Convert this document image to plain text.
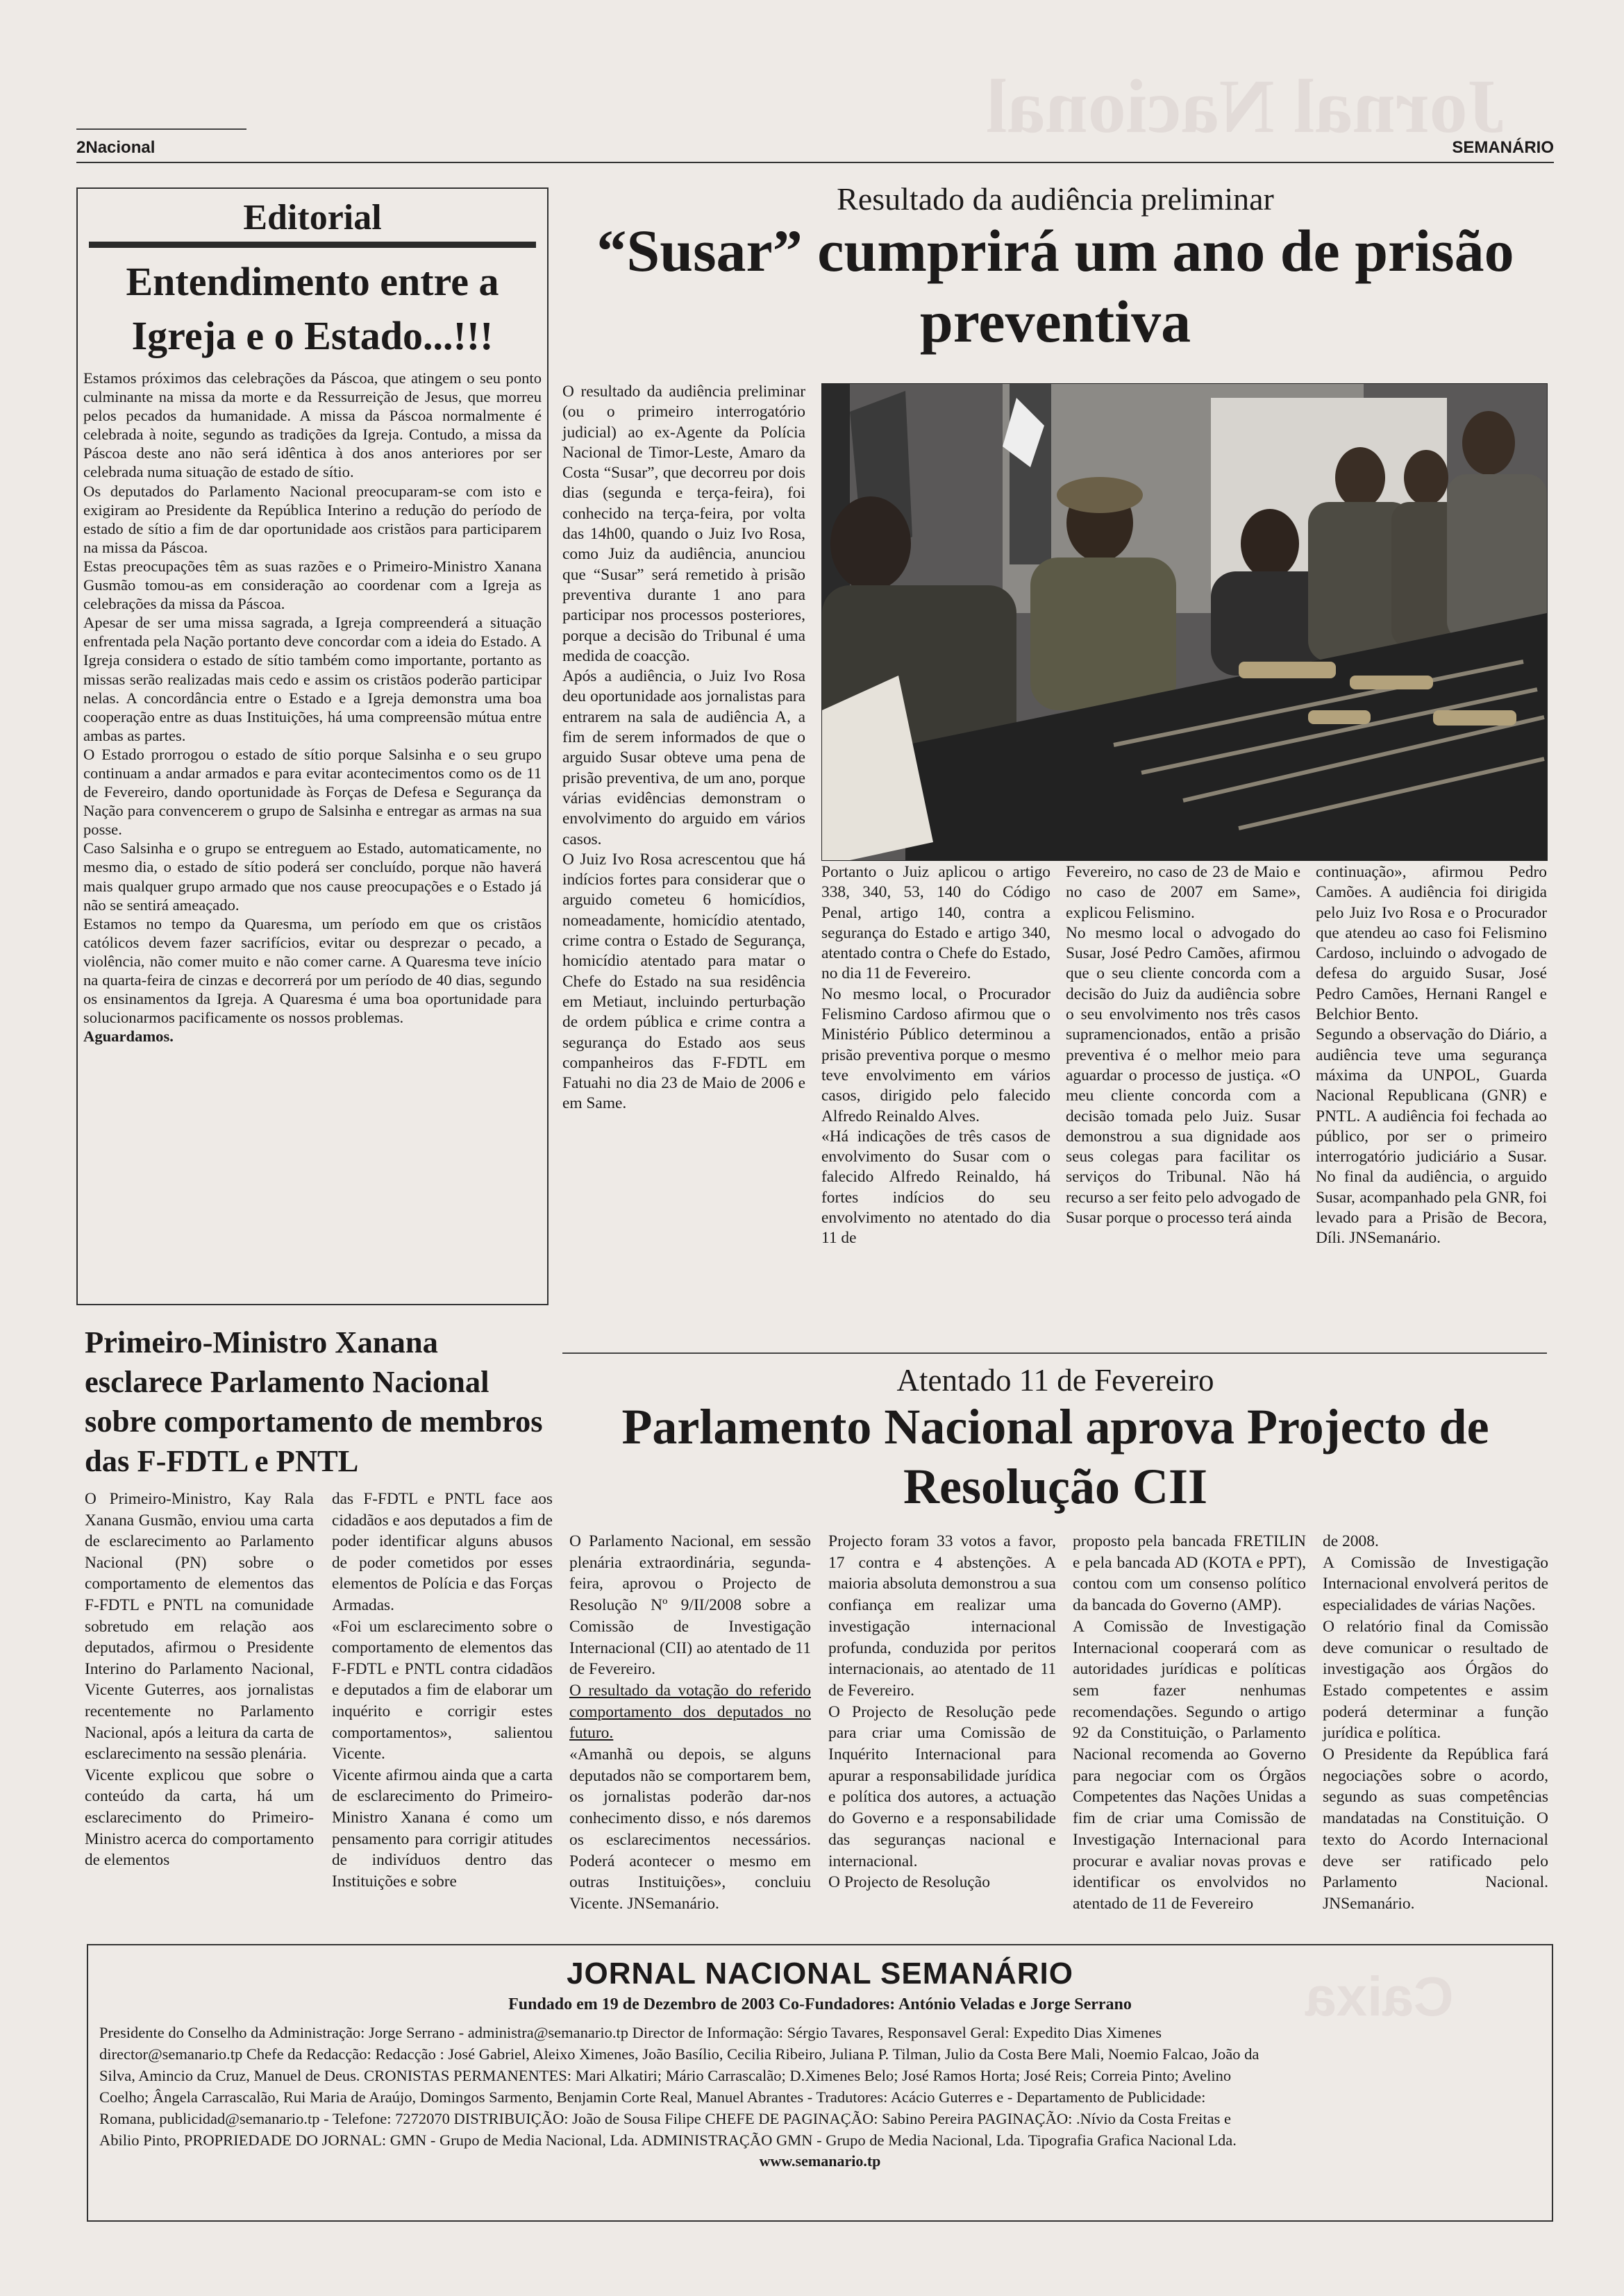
Jornal Nacional
Caixa
2Nacional	SEMANÁRIO
Editorial
Entendimento entre a Igreja e o Estado...!!!

Estamos próximos das celebrações da Páscoa, que atingem o seu ponto culminante na missa da morte e da Ressurreição de Jesus, que morreu pelos pecados da humanidade. A missa da Páscoa normalmente é celebrada à noite, segundo as tradições da Igreja. Contudo, a missa da Páscoa deste ano não será idêntica à dos anos anteriores por ser celebrada numa situação de estado de sítio.

Os deputados do Parlamento Nacional preocuparam-se com isto e exigiram ao Presidente da República Interino a redução do período de estado de sítio a fim de dar oportunidade aos cristãos para participarem na missa da Páscoa.

Estas preocupações têm as suas razões e o Primeiro-Ministro Xanana Gusmão tomou-as em consideração ao coordenar com a Igreja as celebrações da missa da Páscoa.

Apesar de ser uma missa sagrada, a Igreja compreenderá a situação enfrentada pela Nação portanto deve concordar com a ideia do Estado. A Igreja considera o estado de sítio também como importante, portanto as missas serão realizadas mais cedo e assim os cristãos poderão participar nelas. A concordância entre o Estado e a Igreja demonstra uma boa cooperação entre as duas Instituições, há uma compreensão mútua entre ambas as partes.

O Estado prorrogou o estado de sítio porque Salsinha e o seu grupo continuam a andar armados e para evitar acontecimentos como os de 11 de Fevereiro, dando oportunidade às Forças de Defesa e Segurança da Nação para convencerem o grupo de Salsinha e entregar as armas na sua posse.

Caso Salsinha e o grupo se entreguem ao Estado, automaticamente, no mesmo dia, o estado de sítio poderá ser concluído, porque não haverá mais qualquer grupo armado que nos cause preocupações e o Estado já não se sentirá ameaçado.

Estamos no tempo da Quaresma, um período em que os cristãos católicos devem fazer sacrifícios, evitar ou desprezar o pecado, a violência, não comer muito e não comer carne. A Quaresma teve início na quarta-feira de cinzas e decorrerá por um período de 40 dias, segundo os ensinamentos da Igreja. A Quaresma é uma boa oportunidade para solucionarmos pacificamente os nossos problemas.

Aguardamos.

Resultado da audiência preliminar
“Susar” cumprirá um ano de prisão preventiva

O resultado da audiência preliminar (ou o primeiro interrogatório judicial) ao ex-Agente da Polícia Nacional de Timor-Leste, Amaro da Costa “Susar”, que decorreu por dois dias (segunda e terça-feira), foi conhecido na terça-feira, por volta das 14h00, quando o Juiz Ivo Rosa, como Juiz da audiência, anunciou que “Susar” será remetido à prisão preventiva durante 1 ano para participar nos processos posteriores, porque a decisão do Tribunal é uma medida de coacção.

Após a audiência, o Juiz Ivo Rosa deu oportunidade aos jornalistas para entrarem na sala de audiência A, a fim de serem informados de que o arguido Susar obteve uma pena de prisão preventiva, de um ano, porque várias evidências demonstram o envolvimento do arguido em vários casos.

O Juiz Ivo Rosa acrescentou que há indícios fortes para considerar que o arguido cometeu 6 homicídios, nomeadamente, homicídio atentado, crime contra o Estado de Segurança, homicídio atentado para matar o Chefe do Estado na sua residência em Metiaut, incluindo perturbação de ordem pública e crime contra a segurança do Estado aos seus companheiros das F-FDTL em Fatuahi no dia 23 de Maio de 2006 e em Same.

Portanto o Juiz aplicou o artigo 338, 340, 53, 140 do Código Penal, artigo 140, contra a segurança do Estado e artigo 340, atentado contra o Chefe do Estado, no dia 11 de Fevereiro.

No mesmo local, o Procurador Felismino Cardoso afirmou que o Ministério Público determinou a prisão preventiva porque o mesmo teve envolvimento em vários casos, dirigido pelo falecido Alfredo Reinaldo Alves.

«Há indicações de três casos de envolvimento do Susar com o falecido Alfredo Reinaldo, há fortes indícios do seu envolvimento no atentado do dia 11 de

Fevereiro, no caso de 23 de Maio e no caso de 2007 em Same», explicou Felismino.

No mesmo local o advogado do Susar, José Pedro Camões, afirmou que o seu cliente concorda com a decisão do Juiz da audiência sobre o seu envolvimento nos três casos supramencionados, então a prisão preventiva é o melhor meio para aguardar o processo de justiça. «O meu cliente concorda com a decisão tomada pelo Juiz. Susar demonstrou a sua dignidade aos seus colegas para facilitar os serviços do Tribunal. Não há recurso a ser feito pelo advogado de Susar porque o processo terá ainda

continuação», afirmou Pedro Camões. A audiência foi dirigida pelo Juiz Ivo Rosa e o Procurador que atendeu ao caso foi Felismino Cardoso, incluindo o advogado de defesa do arguido Susar, José Pedro Camões, Hernani Rangel e Belchior Bento.

Segundo a observação do Diário, a audiência teve uma segurança máxima da UNPOL, Guarda Nacional Republicana (GNR) e PNTL. A audiência foi fechada ao público, por ser o primeiro interrogatório judiciário a Susar. No final da audiência, o arguido Susar, acompanhado pela GNR, foi levado para a Prisão de Becora, Díli. JNSemanário.

Primeiro-Ministro Xanana esclarece Parlamento Nacional sobre comportamento de membros das F-FDTL e PNTL

O Primeiro-Ministro, Kay Rala Xanana Gusmão, enviou uma carta de esclarecimento ao Parlamento Nacional (PN) sobre o comportamento de elementos das F-FDTL e PNTL na comunidade sobretudo em relação aos deputados, afirmou o Presidente Interino do Parlamento Nacional, Vicente Guterres, aos jornalistas recentemente no Parlamento Nacional, após a leitura da carta de esclarecimento na sessão plenária.

Vicente explicou que sobre o conteúdo da carta, há um esclarecimento do Primeiro-Ministro acerca do comportamento de elementos

das F-FDTL e PNTL face aos cidadãos e aos deputados a fim de poder identificar alguns abusos de poder cometidos por esses elementos de Polícia e das Forças Armadas.

«Foi um esclarecimento sobre o comportamento de elementos das F-FDTL e PNTL contra cidadãos e deputados a fim de elaborar um inquérito e corrigir estes comportamentos», salientou Vicente.

Vicente afirmou ainda que a carta de esclarecimento do Primeiro-Ministro Xanana é como um pensamento para corrigir atitudes de indivíduos dentro das Instituições e sobre

Atentado 11 de Fevereiro
Parlamento Nacional aprova Projecto de Resolução CII

O Parlamento Nacional, em sessão plenária extraordinária, segunda-feira, aprovou o Projecto de Resolução Nº 9/II/2008 sobre a Comissão de Investigação Internacional (CII) ao atentado de 11 de Fevereiro.

O resultado da votação do referido comportamento dos deputados no futuro.

«Amanhã ou depois, se alguns deputados não se comportarem bem, os jornalistas poderão dar-nos conhecimento disso, e nós daremos os esclarecimentos necessários. Poderá acontecer o mesmo em outras Instituições», concluiu Vicente. JNSemanário.

Projecto foram 33 votos a favor, 17 contra e 4 abstenções. A maioria absoluta demonstrou a sua confiança em realizar uma investigação internacional profunda, conduzida por peritos internacionais, ao atentado de 11 de Fevereiro.

O Projecto de Resolução pede para criar uma Comissão de Inquérito Internacional para apurar a responsabilidade jurídica e política dos autores, a actuação do Governo e a responsabilidade das seguranças nacional e internacional.

O Projecto de Resolução

proposto pela bancada FRETILIN e pela bancada AD (KOTA e PPT), contou com um consenso político da bancada do Governo (AMP).

A Comissão de Investigação Internacional cooperará com as autoridades jurídicas e políticas sem fazer nenhumas recomendações. Segundo o artigo 92 da Constituição, o Parlamento Nacional recomenda ao Governo para negociar com os Órgãos Competentes das Nações Unidas a fim de criar uma Comissão de Investigação Internacional para procurar e avaliar novas provas e identificar os envolvidos no atentado de 11 de Fevereiro

de 2008.

A Comissão de Investigação Internacional envolverá peritos de especialidades de várias Nações.

O relatório final da Comissão deve comunicar o resultado de investigação aos Órgãos do Estado competentes e assim poderá determinar a função jurídica e política.

O Presidente da República fará negociações sobre o acordo, segundo as suas competências mandatadas na Constituição. O texto do Acordo Internacional deve ser ratificado pelo Parlamento Nacional. JNSemanário.

JORNAL NACIONAL SEMANÁRIO
Fundado em 19 de Dezembro de 2003 Co-Fundadores: António Veladas e Jorge Serrano

Presidente do Conselho da Administração: Jorge Serrano - administra@semanario.tp Director de Informação: Sérgio Tavares, Responsavel Geral: Expedito Dias Ximenes

director@semanario.tp Chefe da Redacção: Redacção : José Gabriel, Aleixo Ximenes, João Basílio, Cecilia Ribeiro, Juliana P. Tilman, Julio da Costa Bere Mali, Noemio Falcao, João da

Silva, Amincio da Cruz, Manuel de Deus. CRONISTAS PERMANENTES: Mari Alkatiri; Mário Carrascalão; D.Ximenes Belo; José Ramos Horta; José Reis; Correia Pinto; Avelino

Coelho; Ângela Carrascalão, Rui Maria de Araújo, Domingos Sarmento, Benjamin Corte Real, Manuel Abrantes - Tradutores: Acácio Guterres e - Departamento de Publicidade:

Romana, publicidad@semanario.tp - Telefone: 7272070 DISTRIBUIÇÃO: João de Sousa Filipe CHEFE DE PAGINAÇÃO: Sabino Pereira PAGINAÇÃO: .Nívio da Costa Freitas e

Abilio Pinto, PROPRIEDADE DO JORNAL: GMN - Grupo de Media Nacional, Lda. ADMINISTRAÇÃO GMN - Grupo de Media Nacional, Lda. Tipografia Grafica Nacional Lda.

www.semanario.tp
